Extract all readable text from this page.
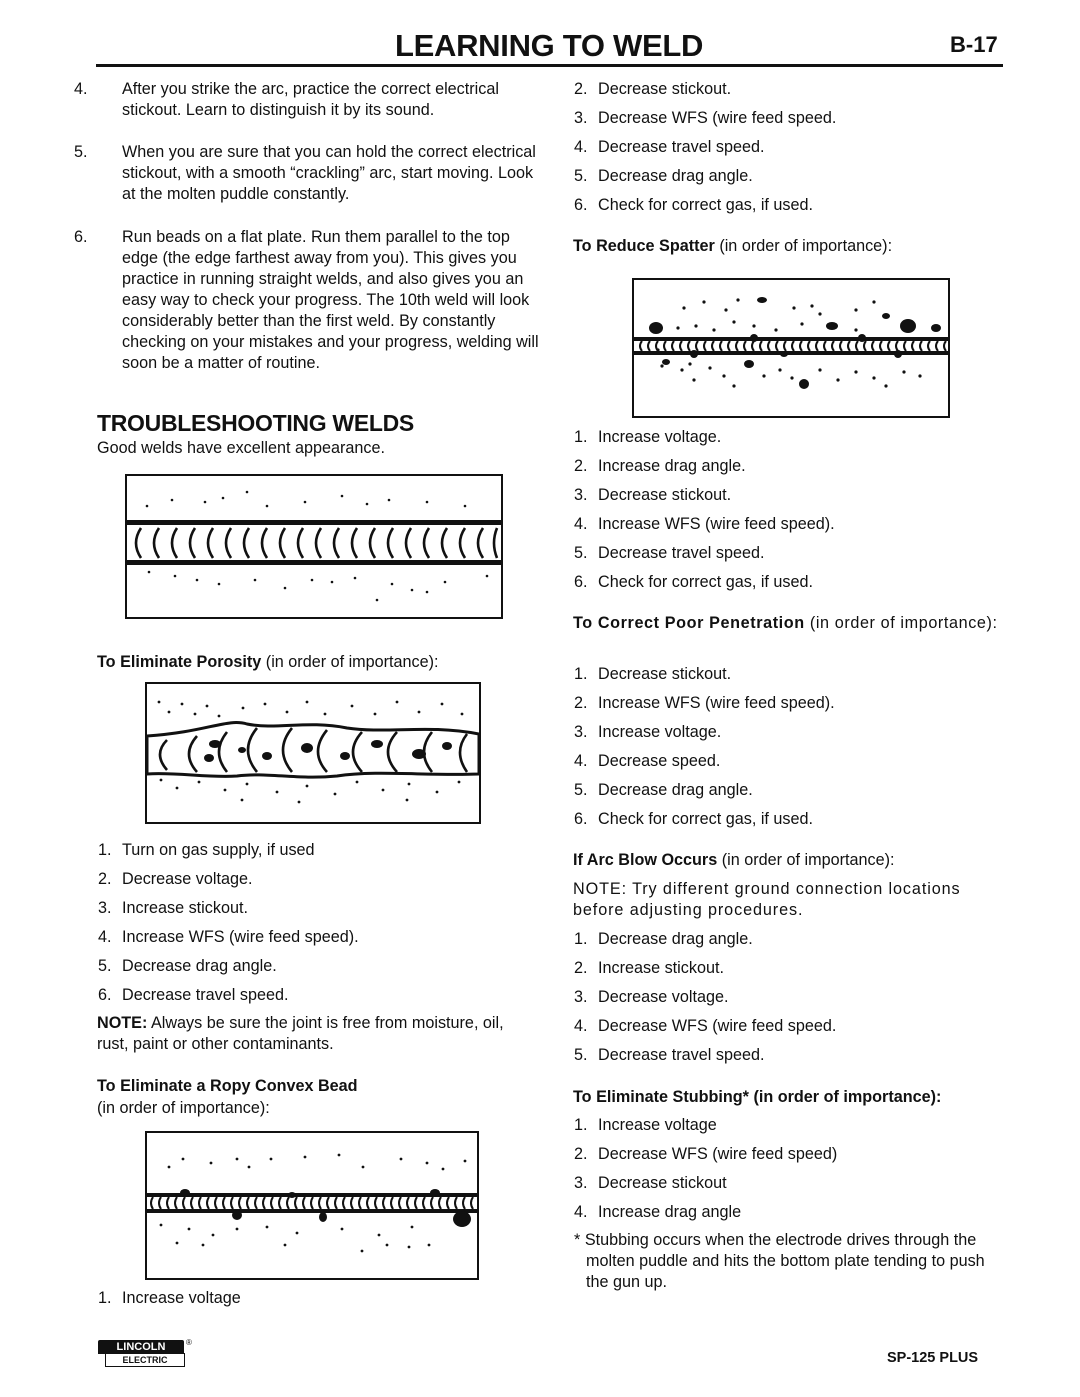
LEARNING TO WELD	B-17
4. After you strike the arc, practice the correct electrical stickout. Learn to distinguish it by its sound.
5. When you are sure that you can hold the correct electrical stickout, with a smooth “crackling” arc, start moving. Look at the molten puddle constantly.
6. Run beads on a flat plate. Run them parallel to the top edge (the edge farthest away from you). This gives you practice in running straight welds, and also gives you an easy way to check your progress. The 10th weld will look considerably better than the first weld. By constantly checking on your mistakes and your progress, welding will soon be a matter of routine.
TROUBLESHOOTING WELDS
Good welds have excellent appearance.
To Eliminate Porosity (in order of importance):
1. Turn on gas supply, if used
2. Decrease voltage.
3. Increase stickout.
4. Increase WFS (wire feed speed).
5. Decrease drag angle.
6. Decrease travel speed.
NOTE: Always be sure the joint is free from moisture, oil, rust, paint or other contaminants.
To Eliminate a Ropy Convex Bead
(in order of importance):
1. Increase voltage
2. Decrease stickout.
3. Decrease WFS (wire feed speed.
4. Decrease travel speed.
5. Decrease drag angle.
6. Check for correct gas, if used.
To Reduce Spatter (in order of importance):
1. Increase voltage.
2. Increase drag angle.
3. Decrease stickout.
4. Increase WFS (wire feed speed).
5. Decrease travel speed.
6. Check for correct gas, if used.
To Correct Poor Penetration (in order of importance):
1. Decrease stickout.
2. Increase WFS (wire feed speed).
3. Increase voltage.
4. Decrease speed.
5. Decrease drag angle.
6. Check for correct gas, if used.
If Arc Blow Occurs (in order of importance):
NOTE: Try different ground connection locations before adjusting procedures.
1. Decrease drag angle.
2. Increase stickout.
3. Decrease voltage.
4. Decrease WFS (wire feed speed.
5. Decrease travel speed.
To Eliminate Stubbing* (in order of importance):
1. Increase voltage
2. Decrease WFS (wire feed speed)
3. Decrease stickout
4. Increase drag angle
* Stubbing occurs when the electrode drives through the molten puddle and hits the bottom plate tending to push the gun up.
LINCOLN
ELECTRIC
®
SP-125 PLUS
